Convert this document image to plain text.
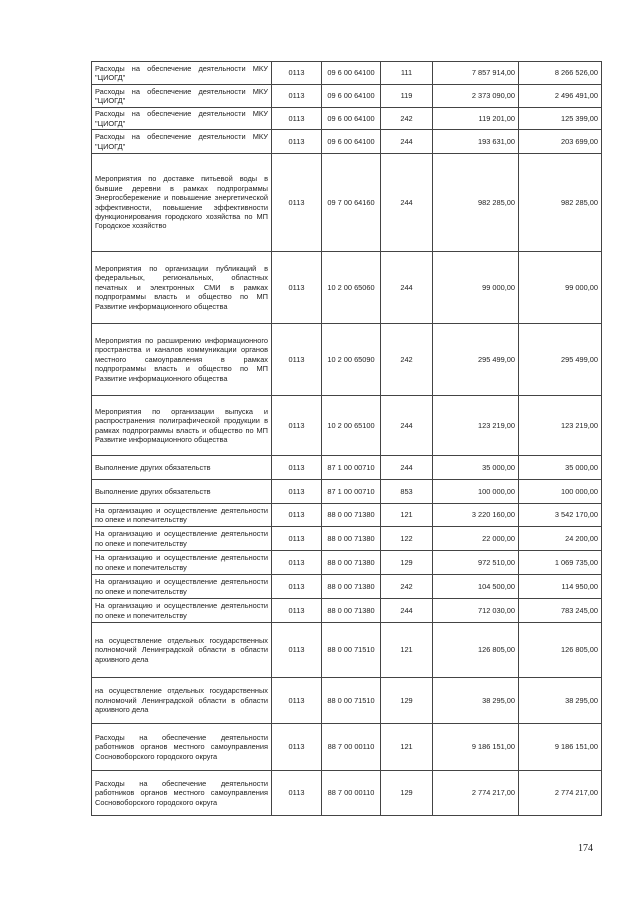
Расходы на обеспечение деятельности МКУ "ЦИОГД"	0113	09 6 00 64100	111	7 857 914,00	8 266 526,00
Расходы на обеспечение деятельности МКУ "ЦИОГД"	0113	09 6 00 64100	119	2 373 090,00	2 496 491,00
Расходы на обеспечение деятельности МКУ "ЦИОГД"	0113	09 6 00 64100	242	119 201,00	125 399,00
Расходы на обеспечение деятельности МКУ "ЦИОГД"	0113	09 6 00 64100	244	193 631,00	203 699,00
Мероприятия по доставке питьевой воды в бывшие деревни в рамках подпрограммы Энергосбережение и повышение энергетической эффективности, повышение эффективности функционирования городского хозяйства по МП Городское хозяйство	0113	09 7 00 64160	244	982 285,00	982 285,00
Мероприятия по организации публикаций в федеральных, региональных, областных печатных и электронных СМИ в рамках подпрограммы власть и общество по МП Развитие информационного общества	0113	10 2 00 65060	244	99 000,00	99 000,00
Мероприятия по расширению информационного пространства и каналов коммуникации органов местного самоуправления в рамках подпрограммы власть и общество по МП Развитие информационного общества	0113	10 2 00 65090	242	295 499,00	295 499,00
Мероприятия по организации выпуска и распространения полиграфической продукции в рамках подпрограммы власть и общество по МП Развитие информационного общества	0113	10 2 00 65100	244	123 219,00	123 219,00
Выполнение других обязательств	0113	87 1 00 00710	244	35 000,00	35 000,00
Выполнение других обязательств	0113	87 1 00 00710	853	100 000,00	100 000,00
На организацию и осуществление деятельности по опеке и попечительству	0113	88 0 00 71380	121	3 220 160,00	3 542 170,00
На организацию и осуществление деятельности по опеке и попечительству	0113	88 0 00 71380	122	22 000,00	24 200,00
На организацию и осуществление деятельности по опеке и попечительству	0113	88 0 00 71380	129	972 510,00	1 069 735,00
На организацию и осуществление деятельности по опеке и попечительству	0113	88 0 00 71380	242	104 500,00	114 950,00
На организацию и осуществление деятельности по опеке и попечительству	0113	88 0 00 71380	244	712 030,00	783 245,00
на осуществление отдельных государственных полномочий Ленинградской области в области архивного дела	0113	88 0 00 71510	121	126 805,00	126 805,00
на осуществление отдельных государственных полномочий Ленинградской области в области архивного дела	0113	88 0 00 71510	129	38 295,00	38 295,00
Расходы на обеспечение деятельности работников органов местного самоуправления Сосновоборского городского округа	0113	88 7 00 00110	121	9 186 151,00	9 186 151,00
Расходы на обеспечение деятельности работников органов местного самоуправления Сосновоборского городского округа	0113	88 7 00 00110	129	2 774 217,00	2 774 217,00
174
